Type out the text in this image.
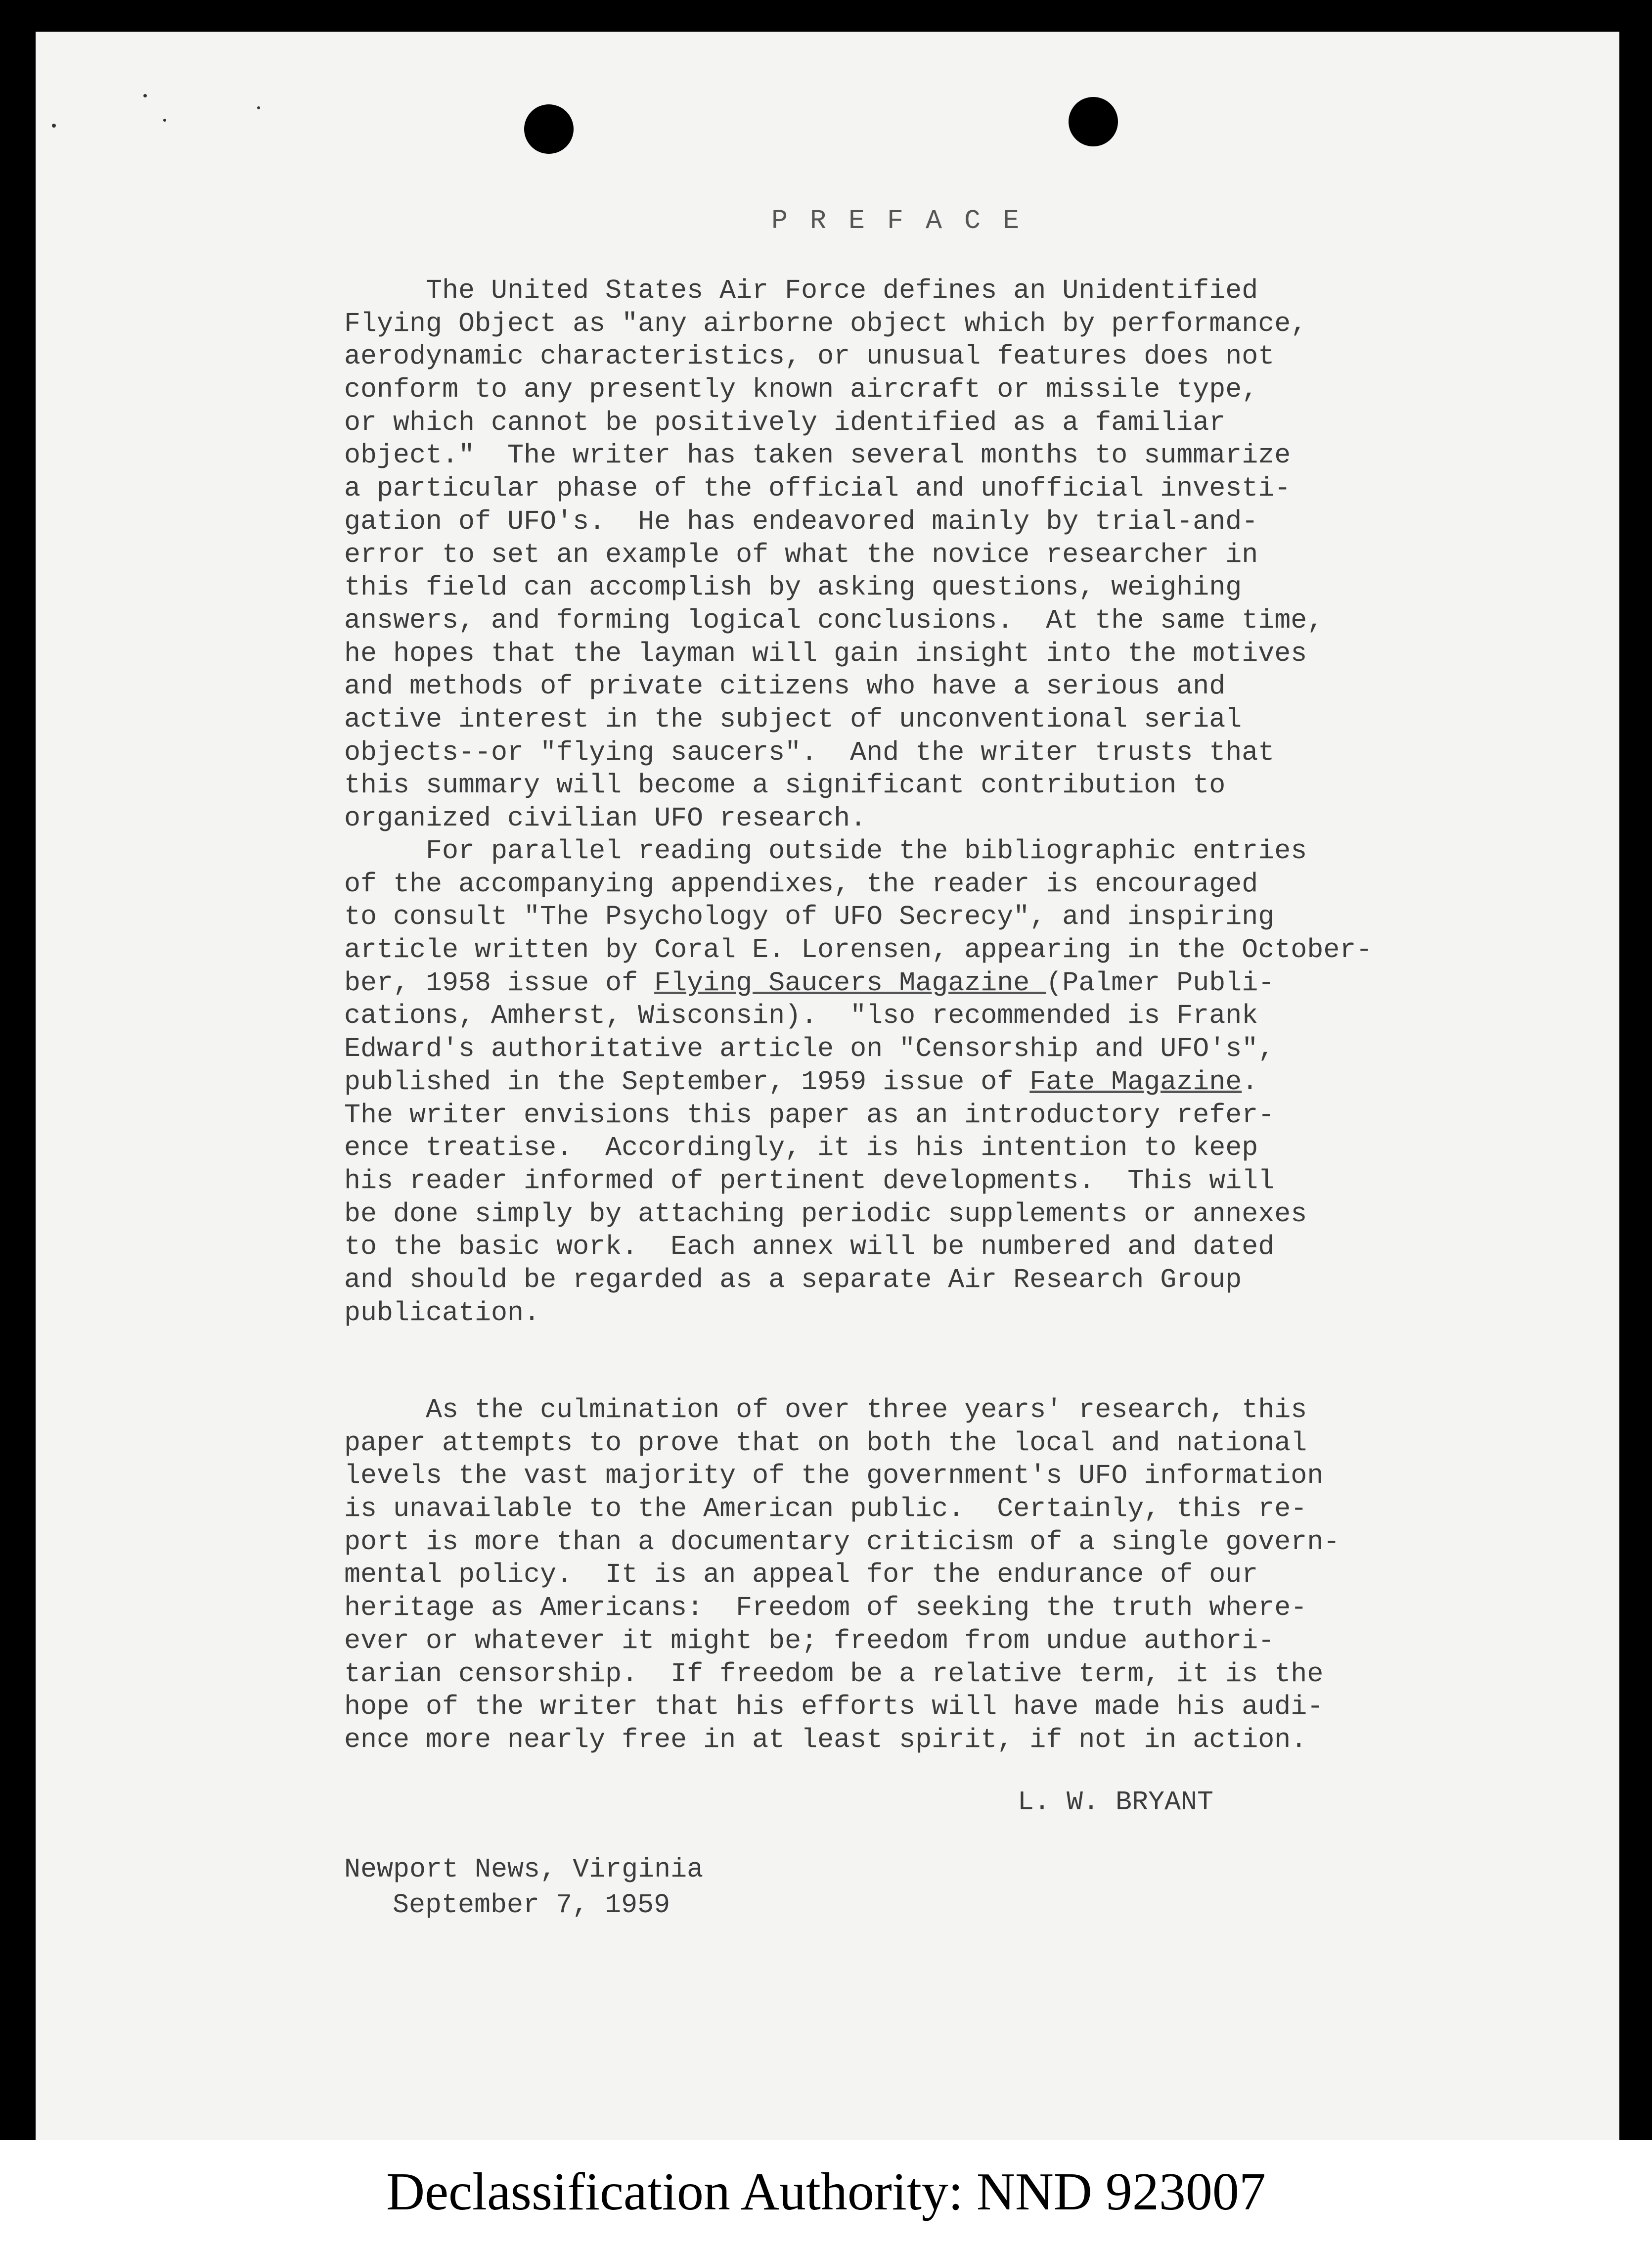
P R E F A C E
The United States Air Force defines an Unidentified
Flying Object as "any airborne object which by performance,
aerodynamic characteristics, or unusual features does not
conform to any presently known aircraft or missile type,
or which cannot be positively identified as a familiar
object."  The writer has taken several months to summarize
a particular phase of the official and unofficial investi-
gation of UFO's.  He has endeavored mainly by trial-and-
error to set an example of what the novice researcher in
this field can accomplish by asking questions, weighing
answers, and forming logical conclusions.  At the same time,
he hopes that the layman will gain insight into the motives
and methods of private citizens who have a serious and
active interest in the subject of unconventional serial
objects--or "flying saucers".  And the writer trusts that
this summary will become a significant contribution to
organized civilian UFO research.
For parallel reading outside the bibliographic entries
of the accompanying appendixes, the reader is encouraged
to consult "The Psychology of UFO Secrecy", and inspiring
article written by Coral E. Lorensen, appearing in the October-
ber, 1958 issue of Flying Saucers Magazine (Palmer Publi-
cations, Amherst, Wisconsin).  "lso recommended is Frank
Edward's authoritative article on "Censorship and UFO's",
published in the September, 1959 issue of Fate Magazine.
The writer envisions this paper as an introductory refer-
ence treatise.  Accordingly, it is his intention to keep
his reader informed of pertinent developments.  This will
be done simply by attaching periodic supplements or annexes
to the basic work.  Each annex will be numbered and dated
and should be regarded as a separate Air Research Group
publication.
As the culmination of over three years' research, this
paper attempts to prove that on both the local and national
levels the vast majority of the government's UFO information
is unavailable to the American public.  Certainly, this re-
port is more than a documentary criticism of a single govern-
mental policy.  It is an appeal for the endurance of our
heritage as Americans:  Freedom of seeking the truth where-
ever or whatever it might be; freedom from undue authori-
tarian censorship.  If freedom be a relative term, it is the
hope of the writer that his efforts will have made his audi-
ence more nearly free in at least spirit, if not in action.
L. W. BRYANT
Newport News, Virginia
September 7, 1959
Declassification Authority: NND 923007
